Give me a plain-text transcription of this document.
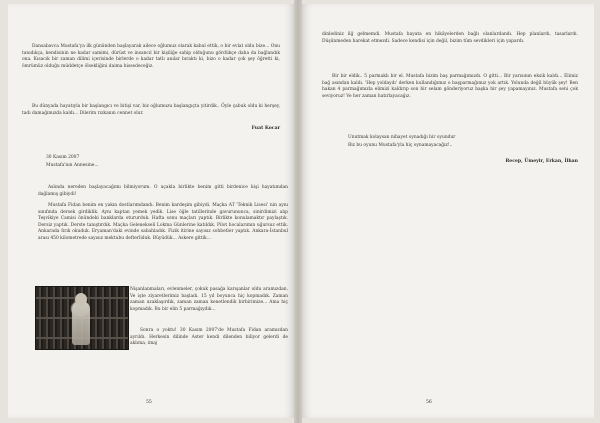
Dansabavca Mustafa'ya ilk gününden başlayarak ailece oğlumuz olarak kabul ettik, o bir evlat oldu bize... Onu tanıdıkça, kendisinin ne kadar samimi, dürüst ve insancıl bir kişiliğe sahip olduğunu gördükçe daha da bağlandık ona. Kısacık bir zaman dilimi içerisinde birlerde o kadar tatlı anılar bıraktı ki, bizo o kadar çok şey öğretti ki, ömrümüz olduğu müddetçe ölsekliğini daima hissedeceğiz.

Bu dünyada hayatıyla bir başlangıcı ve bitişi var, biz oğlumuzu başlangıçta yitirdik.. Öyle çabuk oldu ki herşey, tadı damağımızda kaldı... Dilerim rızkanın cennet olur.

Fuat Kocar

30 Kasım 2007

Mustafa'nın Annesine...

Aslında nereden başlayacağımı bilmiyorum. O uçakla birlikte benim gitti birdenice kişi hayatımdan dağlamış gibiydi!

Mustafa Fidan benim en yakın dostlarımdandı. Benim kardeşim gibiydi. Maçka AT 'Teknik Lisesi' nin aynı sınıfında dersek girdiklik. Aynı kaptan yemek yedik. Lise öğle tatillerinde gavurununca, sinirdimizi alıp Teşvikiye Camisi önündeki banklarda otururduk. Hafta sonu maçları yaptık. Birlikte konulamaktır paylaştık. Dersiz yaptık. Derste tanıştırdık. Maçka Gelenekseli Lokma Günlerine katıldık. Pilot hocalarımın uğursuz ettik. Ankarada fırık okuduk. Eryaman'daki evinde sabahladık. Fizik itirine sayısız sohbetler yaptık. Ankara-İstanbul arası 450 kilometrede sayısız mektubu defterliduk. Büyüdük... Askere gittik...

Nişanlanmaları, evlenmeler, çokuk pasağa karışanlar oldu aramızdan. Ve işte ziyaretlerimiz başladı. 15 yıl boyunca hiç kopmadık. Zaman zaman uzaklaşırdık, zaman zaman kenetlendik birbirimize... Ama hiç kopmadık. Bu bir elin 5 parmağıydık...

Sonra o yoktu! 30 Kasım 2007'de Mustafa Fidan aramızdan ayrıldı. Herkesin dilinde Aster kendi dilenden biliyor gelerdi de aklıma, imaj

55

dinlediniz ilğ gelmemdi. Mustafa hayata en hikâyelerden bağlı olanlardandı. Hep planlardı, tasarlardı. Düşünmeden harekat etmezdi. Sadece kendisi için değil, bizim tüm sevdikleri için yapardı.

Bir bir eldik.. 5 parmaklı bir el. Mustafa bizim baş parmağımızdı. O gitti... Bir yarısının eksik kaldı... Elimiz bağ asından kaldı. 'Hep yoldaydı' derken kullandığımız o başparmağımız yok artık. Yolunda değil büyük şey! Ben hakan 4 parmağımızla elimizi kaldırıp son bir selam gönderiyoruz başka bir şey yapamayınız. Mustafa seni çok seviyoruz! Ve her zaman hatırlayacağız.

Unutmak kolaysan nihayet oynadığı bir oyundur

Biz bu oyunu Mustafa'yla hiç oynamayacağız!..

Recep, Ümeyir, Erkan, İlhan

56
